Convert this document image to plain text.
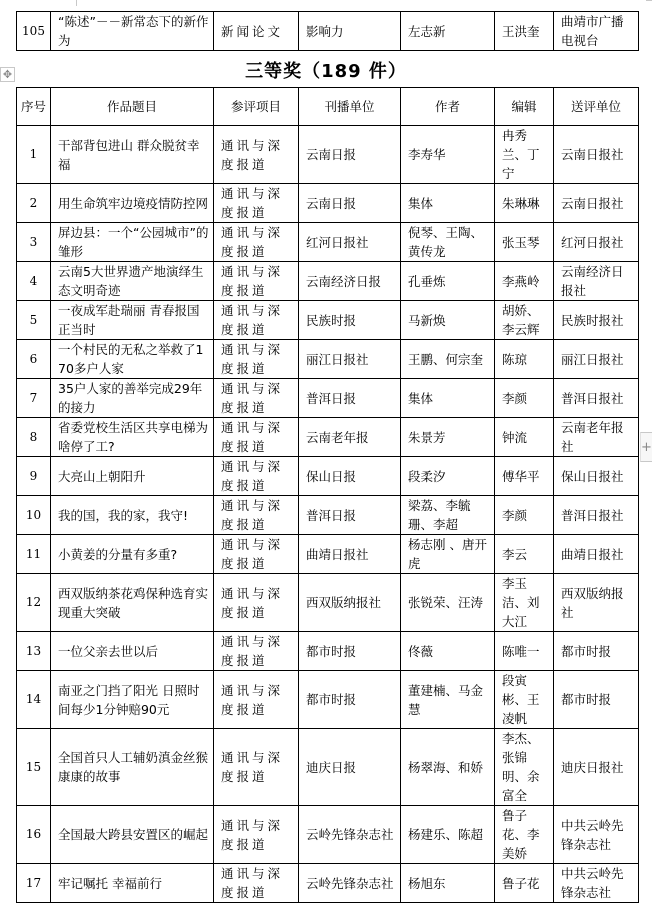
105	“陈述”－－新常态下的新作为	新闻论文	影响力	左志新	王洪奎	曲靖市广播电视台
✥	三等奖（189 件）
序号	作品题目	参评项目	刊播单位	作者	编辑	送评单位
1	干部背包进山 群众脱贫幸福	通讯与深度报道	云南日报	李寿华	冉秀兰、丁宁	云南日报社
2	用生命筑牢边境疫情防控网	通讯与深度报道	云南日报	集体	朱琳琳	云南日报社
3	屏边县：一个“公园城市”的雏形	通讯与深度报道	红河日报社	倪琴、王陶、黄传龙	张玉琴	红河日报社
4	云南5大世界遗产地演绎生态文明奇迹	通讯与深度报道	云南经济日报	孔垂炼	李燕岭	云南经济日报社
5	一夜成军赴瑞丽 青春报国正当时	通讯与深度报道	民族时报	马新焕	胡娇、李云辉	民族时报社
6	一个村民的无私之举救了170多户人家	通讯与深度报道	丽江日报社	王鹏、何宗奎	陈琼	丽江日报社
7	35户人家的善举完成29年的接力	通讯与深度报道	普洱日报	集体	李颜	普洱日报社
8	省委党校生活区共享电梯为啥停了工?	通讯与深度报道	云南老年报	朱景芳	钟流	云南老年报社
9	大亮山上朝阳升	通讯与深度报道	保山日报	段柔汐	傅华平	保山日报社
10	我的国，我的家，我守!	通讯与深度报道	普洱日报	梁荔、李毓珊、李超	李颜	普洱日报社
11	小黄姜的分量有多重?	通讯与深度报道	曲靖日报社	杨志刚 、唐开虎	李云	曲靖日报社
12	西双版纳茶花鸡保种选育实现重大突破	通讯与深度报道	西双版纳报社	张锐荣、汪涛	李玉洁、刘大江	西双版纳报社
13	一位父亲去世以后	通讯与深度报道	都市时报	佟薇	陈唯一	都市时报
14	南亚之门挡了阳光 日照时间每少1分钟赔90元	通讯与深度报道	都市时报	董建楠、马金慧	段寅彬、王凌帆	都市时报
15	全国首只人工辅奶滇金丝猴康康的故事	通讯与深度报道	迪庆日报	杨翠海、和娇	李杰、张锦明、余富全	迪庆日报社
16	全国最大跨县安置区的崛起	通讯与深度报道	云岭先锋杂志社	杨建乐、陈超	鲁子花、李美娇	中共云岭先锋杂志社
17	牢记嘱托 幸福前行	通讯与深度报道	云岭先锋杂志社	杨旭东	鲁子花	中共云岭先锋杂志社
+
